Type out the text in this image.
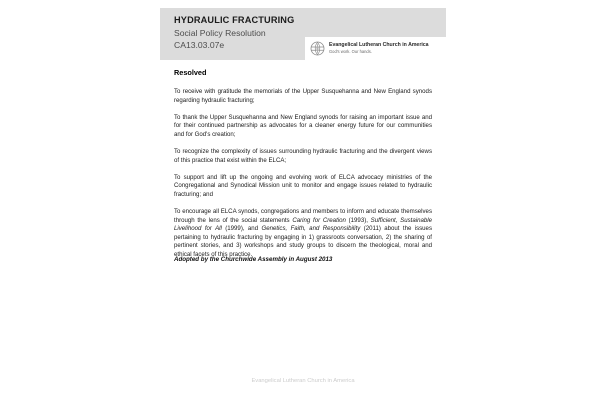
HYDRAULIC FRACTURING
Social Policy Resolution
CA13.03.07e	Evangelical Lutheran Church in America
God's work. Our hands.
Resolved

To receive with gratitude the memorials of the Upper Susquehanna and New England synods regarding hydraulic fracturing;

To thank the Upper Susquehanna and New England synods for raising an important issue and for their continued partnership as advocates for a cleaner energy future for our communities and for God's creation;

To recognize the complexity of issues surrounding hydraulic fracturing and the divergent views of this practice that exist within the ELCA;

To support and lift up the ongoing and evolving work of ELCA advocacy ministries of the Congregational and Synodical Mission unit to monitor and engage issues related to hydraulic fracturing; and

To encourage all ELCA synods, congregations and members to inform and educate themselves through the lens of the social statements Caring for Creation (1993), Sufficient, Sustainable Livelihood for All (1999), and Genetics, Faith, and Responsibility (2011) about the issues pertaining to hydraulic fracturing by engaging in 1) grassroots conversation, 2) the sharing of pertinent stories, and 3) workshops and study groups to discern the theological, moral and ethical facets of this practice.

Adopted by the Churchwide Assembly in August 2013
Evangelical Lutheran Church in America
